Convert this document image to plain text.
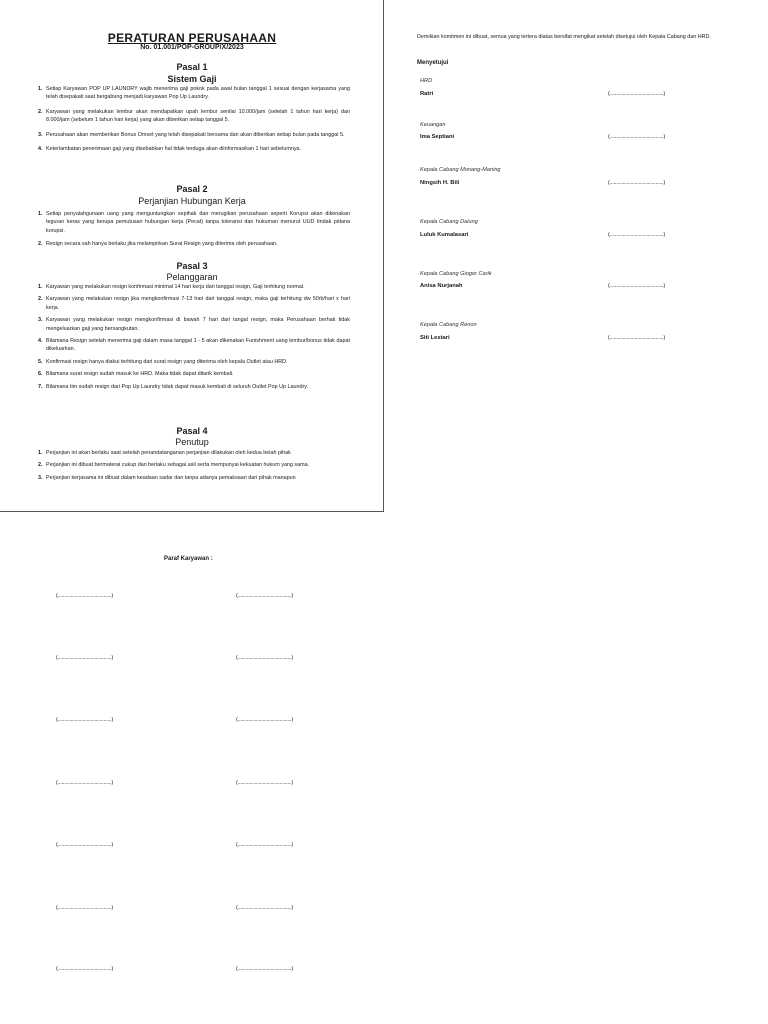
PERATURAN PERUSAHAAN
No. 01.001/POP-GROUP/X/2023
Pasal 1
Sistem Gaji
1. Setiap Karyawan POP UP LAUNDRY wajib menerima gaji pokok pada awal bulan tanggal 1 sesuai dengan kerjasama yang telah disepakati saat bergabung menjadi karyawan Pop Up Laundry.
2. Karyawan yang melakukan lembur akan mendapatkan upah lembur senilai 10.000/jam (setelah 1 tahun hari kerja) dan 8.000/jam (sebelum 1 tahun hari kerja) yang akan diberikan setiap tanggal 5.
3. Perusahaan akan memberikan Bonus Omset yang telah disepakati bersama dan akan diberikan setiap bulan pada tanggal 5.
4. Keterlambatan penerimaan gaji yang disebabkan hal tidak terduga akan diinformasikan 1 hari sebelumnya.
Pasal 2
Perjanjian Hubungan Kerja
1. Setiap penyalahgunaan uang yang menguntungkan sepihak dan merugikan perusahaan seperti Korupsi akan dikenakan teguran keras yang berupa pemutusan hubungan kerja (Pecat) tanpa toleransi dan hukuman menurut UUD tindak pidana korupsi.
2. Resign secara sah hanya berlaku jika melampirkan Surat Resign yang diterima oleh perusahaan.
Pasal 3
Pelanggaran
1. Karyawan yang melakukan resign konfirmasi minimal 14 hari kerja dari tanggal resign, Gaji terhitung normal.
2. Karyawan yang melakukan resign jika mengkonfirmasi 7-13 hari dari tanggal resign, maka gaji terhitung dw 50rb/hari x hari kerja.
3. Karyawan yang melakukan resign mengkonfirmasi di bawah 7 hari dari tangal resign, maka Perusahaan berhak tidak mengeluarkan gaji yang bersangkutan.
4. Bilamana Resign setelah menerima gaji dalam masa tanggal 1 - 5 akan dikenakan Funishment uang lembur/bonus tidak dapat dikeluarkan.
5. Konfirmasi resign hanya diakui terhitung dari surat resign yang diterima oleh kepala Outlet atau HRD.
6. Bilamana surat resign sudah masuk ke HRD. Maka tidak dapat ditarik kembali.
7. Bilamana tim sudah resign dari Pop Up Laundry tidak dapat masuk kembali di seluruh Outlet Pop Up Laundry.
Pasal 4
Penutup
1. Perjanjian ini akan berlaku saat setelah penandatanganan perjanjian dilakukan oleh kedua belah pihak
2. Perjanjian ini dibuat bermaterai cukup dan berlaku sebagai asli serta mempunyai kekuatan hukum yang sama.
3. Perjanjian kerjasama ini dibuat dalam keadaan sadar dan tanpa adanya pemaksaan dari pihak manapun
Demikian komitmen ini dibuat, semua yang tertera diatas bersifat mengikat setelah disetujui oleh Kepala Cabang dan HRD.
Menyetujui
HRD
Ratri	(.........................................)
Keuangan
Ima Septiani	(.........................................)
Kepala Cabang Monang-Maning
Ningsih H. Bili	(.........................................)
Kepala Cabang Dalung
Luluk Kumalasari	(.........................................)
Kepala Cabang Giogor Carik
Anisa Nurjanah	(.........................................)
Kepala Cabang Renon
Siti Lestari	(.........................................)
Paraf Karyawan :
(.........................................)	(.........................................)
(.........................................)	(.........................................)
(.........................................)	(.........................................)
(.........................................)	(.........................................)
(.........................................)	(.........................................)
(.........................................)	(.........................................)
(.........................................)	(.........................................)
